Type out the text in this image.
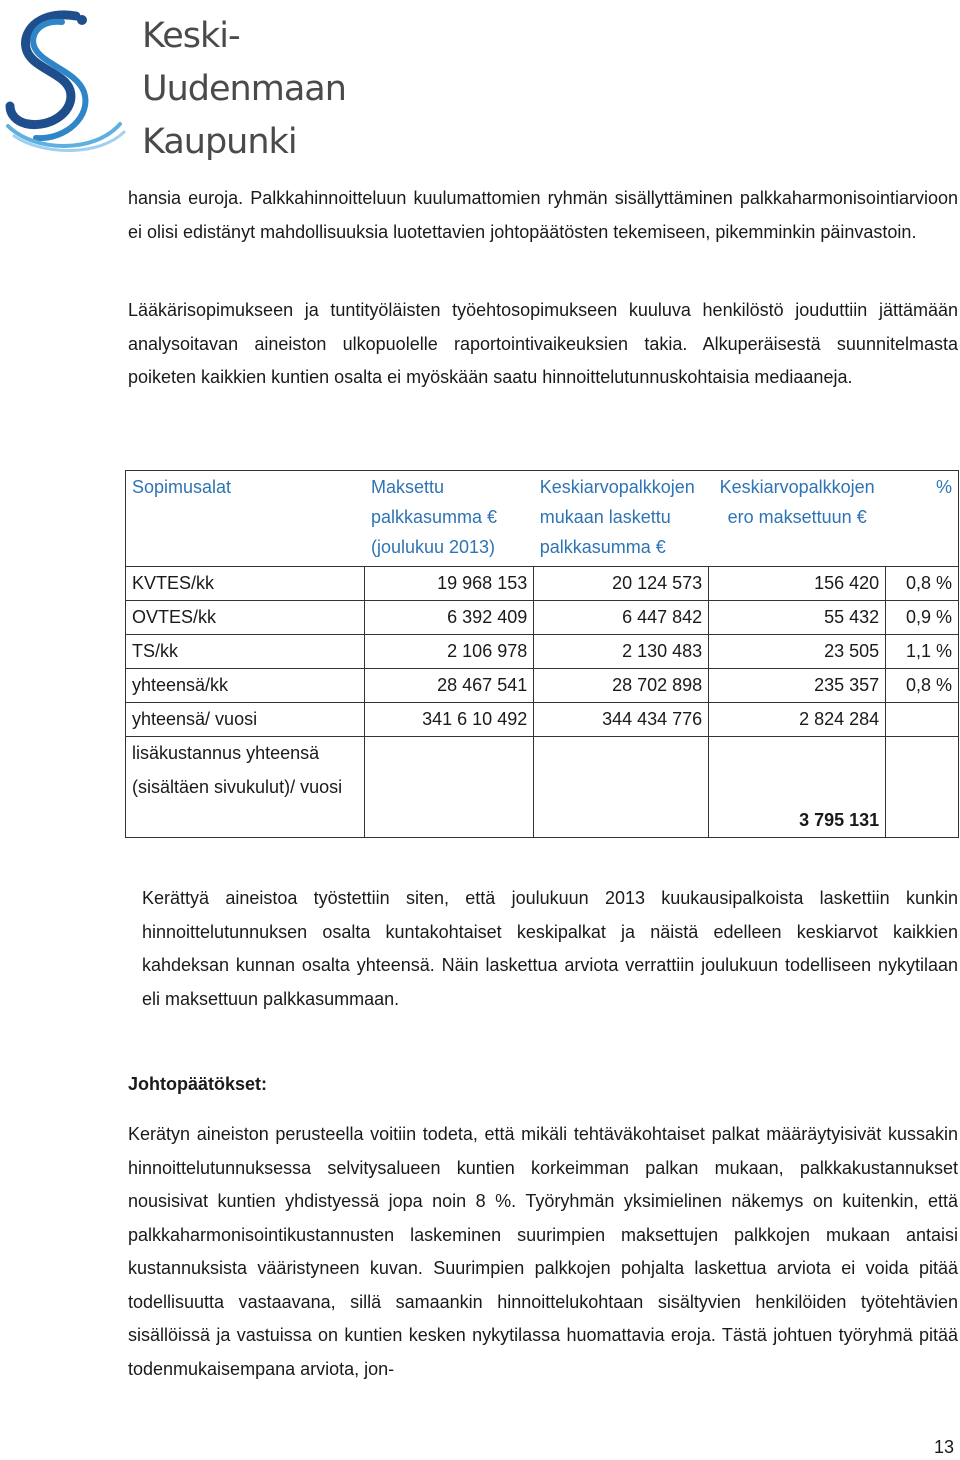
Keski-
Uudenmaan
Kaupunki

hansia euroja. Palkkahinnoitteluun kuulumattomien ryhmän sisällyttäminen palkkaharmonisointiarvioon ei olisi edistänyt mahdollisuuksia luotettavien johtopäätösten tekemiseen, pikemminkin päinvastoin.

Lääkärisopimukseen ja tuntityöläisten työehtosopimukseen kuuluva henkilöstö jouduttiin jättämään analysoitavan aineiston ulkopuolelle raportointivaikeuksien takia. Alkuperäisestä suunnitelmasta poiketen kaikkien kuntien osalta ei myöskään saatu hinnoittelutunnuskohtaisia mediaaneja.

Sopimusalat	Maksettu palkkasumma € (joulukuu 2013)	Keskiarvopalkkojen mukaan laskettu palkkasumma €	Keskiarvopalkkojen ero maksettuun €	%
KVTES/kk	19 968 153	20 124 573	156 420	0,8 %
OVTES/kk	6 392 409	6 447 842	55 432	0,9 %
TS/kk	2 106 978	2 130 483	23 505	1,1 %
yhteensä/kk	28 467 541	28 702 898	235 357	0,8 %
yhteensä/ vuosi	341 6 10 492	344 434 776	2 824 284	
lisäkustannus yhteensä (sisältäen sivukulut)/ vuosi			3 795 131	

Kerättyä aineistoa työstettiin siten, että joulukuun 2013 kuukausipalkoista laskettiin kunkin hinnoittelutunnuksen osalta kuntakohtaiset keskipalkat ja näistä edelleen keskiarvot kaikkien kahdeksan kunnan osalta yhteensä. Näin laskettua arviota verrattiin joulukuun todelliseen nykytilaan eli maksettuun palkkasummaan.

Johtopäätökset:

Kerätyn aineiston perusteella voitiin todeta, että mikäli tehtäväkohtaiset palkat määräytyisivät kussakin hinnoittelutunnuksessa selvitysalueen kuntien korkeimman palkan mukaan, palkkakustannukset nousisivat kuntien yhdistyessä jopa noin 8 %. Työryhmän yksimielinen näkemys on kuitenkin, että palkkaharmonisointikustannusten laskeminen suurimpien maksettujen palkkojen mukaan antaisi kustannuksista vääristyneen kuvan. Suurimpien palkkojen pohjalta laskettua arviota ei voida pitää todellisuutta vastaavana, sillä samaankin hinnoittelukohtaan sisältyvien henkilöiden työtehtävien sisällöissä ja vastuissa on kuntien kesken nykytilassa huomattavia eroja. Tästä johtuen työryhmä pitää todenmukaisempana arviota, jon-

13
